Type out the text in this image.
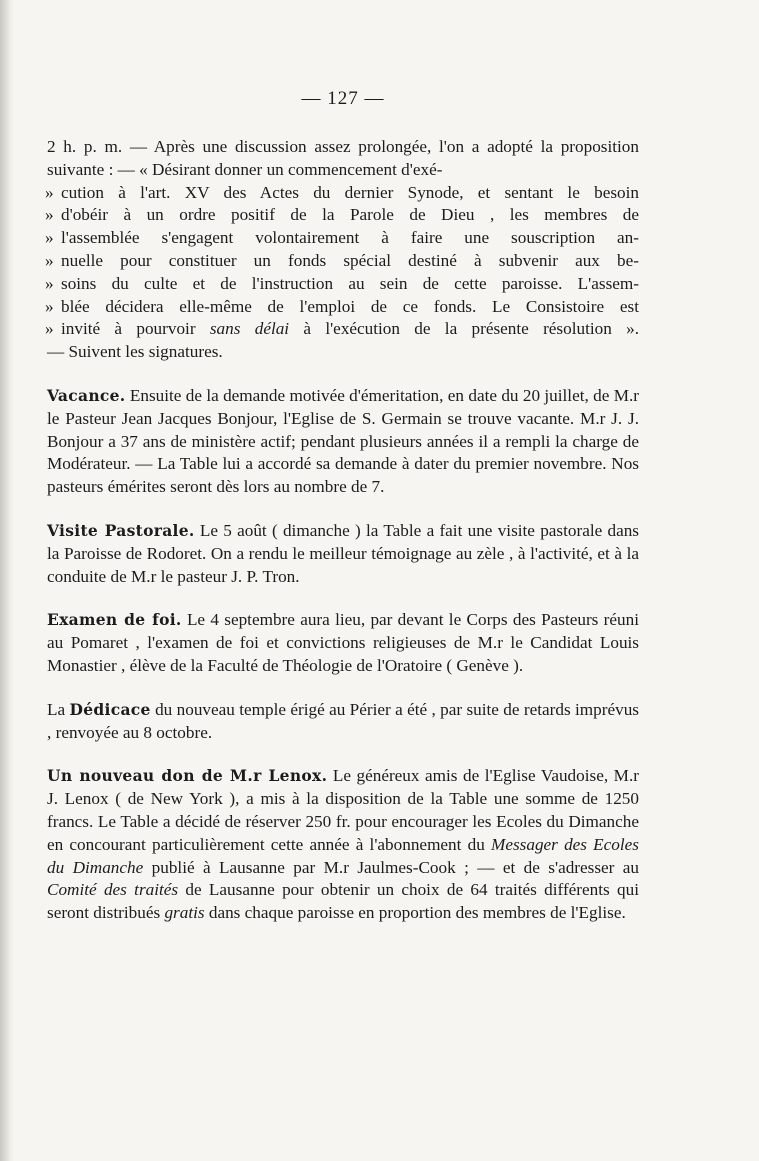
— 127 —

2 h. p. m. — Après une discussion assez prolongée, l'on a adopté la proposition suivante : — « Désirant donner un commencement d'exé-
» cution à l'art. XV des Actes du dernier Synode, et sentant le besoin
» d'obéir à un ordre positif de la Parole de Dieu , les membres de
» l'assemblée s'engagent volontairement à faire une souscription an-
» nuelle pour constituer un fonds spécial destiné à subvenir aux be-
» soins du culte et de l'instruction au sein de cette paroisse. L'assem-
» blée décidera elle-même de l'emploi de ce fonds. Le Consistoire est
» invité à pourvoir sans délai à l'exécution de la présente résolution ».
— Suivent les signatures.

Vacance. Ensuite de la demande motivée d'émeritation, en date du 20 juillet, de M.r le Pasteur Jean Jacques Bonjour, l'Eglise de S. Germain se trouve vacante. M.r J. J. Bonjour a 37 ans de ministère actif; pendant plusieurs années il a rempli la charge de Modérateur. — La Table lui a accordé sa demande à dater du premier novembre. Nos pasteurs émérites seront dès lors au nombre de 7.

Visite Pastorale. Le 5 août ( dimanche ) la Table a fait une visite pastorale dans la Paroisse de Rodoret. On a rendu le meilleur témoignage au zèle , à l'activité, et à la conduite de M.r le pasteur J. P. Tron.

Examen de foi. Le 4 septembre aura lieu, par devant le Corps des Pasteurs réuni au Pomaret , l'examen de foi et convictions religieuses de M.r le Candidat Louis Monastier , élève de la Faculté de Théologie de l'Oratoire ( Genève ).

La Dédicace du nouveau temple érigé au Périer a été , par suite de retards imprévus , renvoyée au 8 octobre.

Un nouveau don de M.r Lenox. Le généreux amis de l'Eglise Vaudoise, M.r J. Lenox ( de New York ), a mis à la disposition de la Table une somme de 1250 francs. Le Table a décidé de réserver 250 fr. pour encourager les Ecoles du Dimanche en concourant particulièrement cette année à l'abonnement du Messager des Ecoles du Dimanche publié à Lausanne par M.r Jaulmes-Cook ; — et de s'adresser au Comité des traités de Lausanne pour obtenir un choix de 64 traités différents qui seront distribués gratis dans chaque paroisse en proportion des membres de l'Eglise.
